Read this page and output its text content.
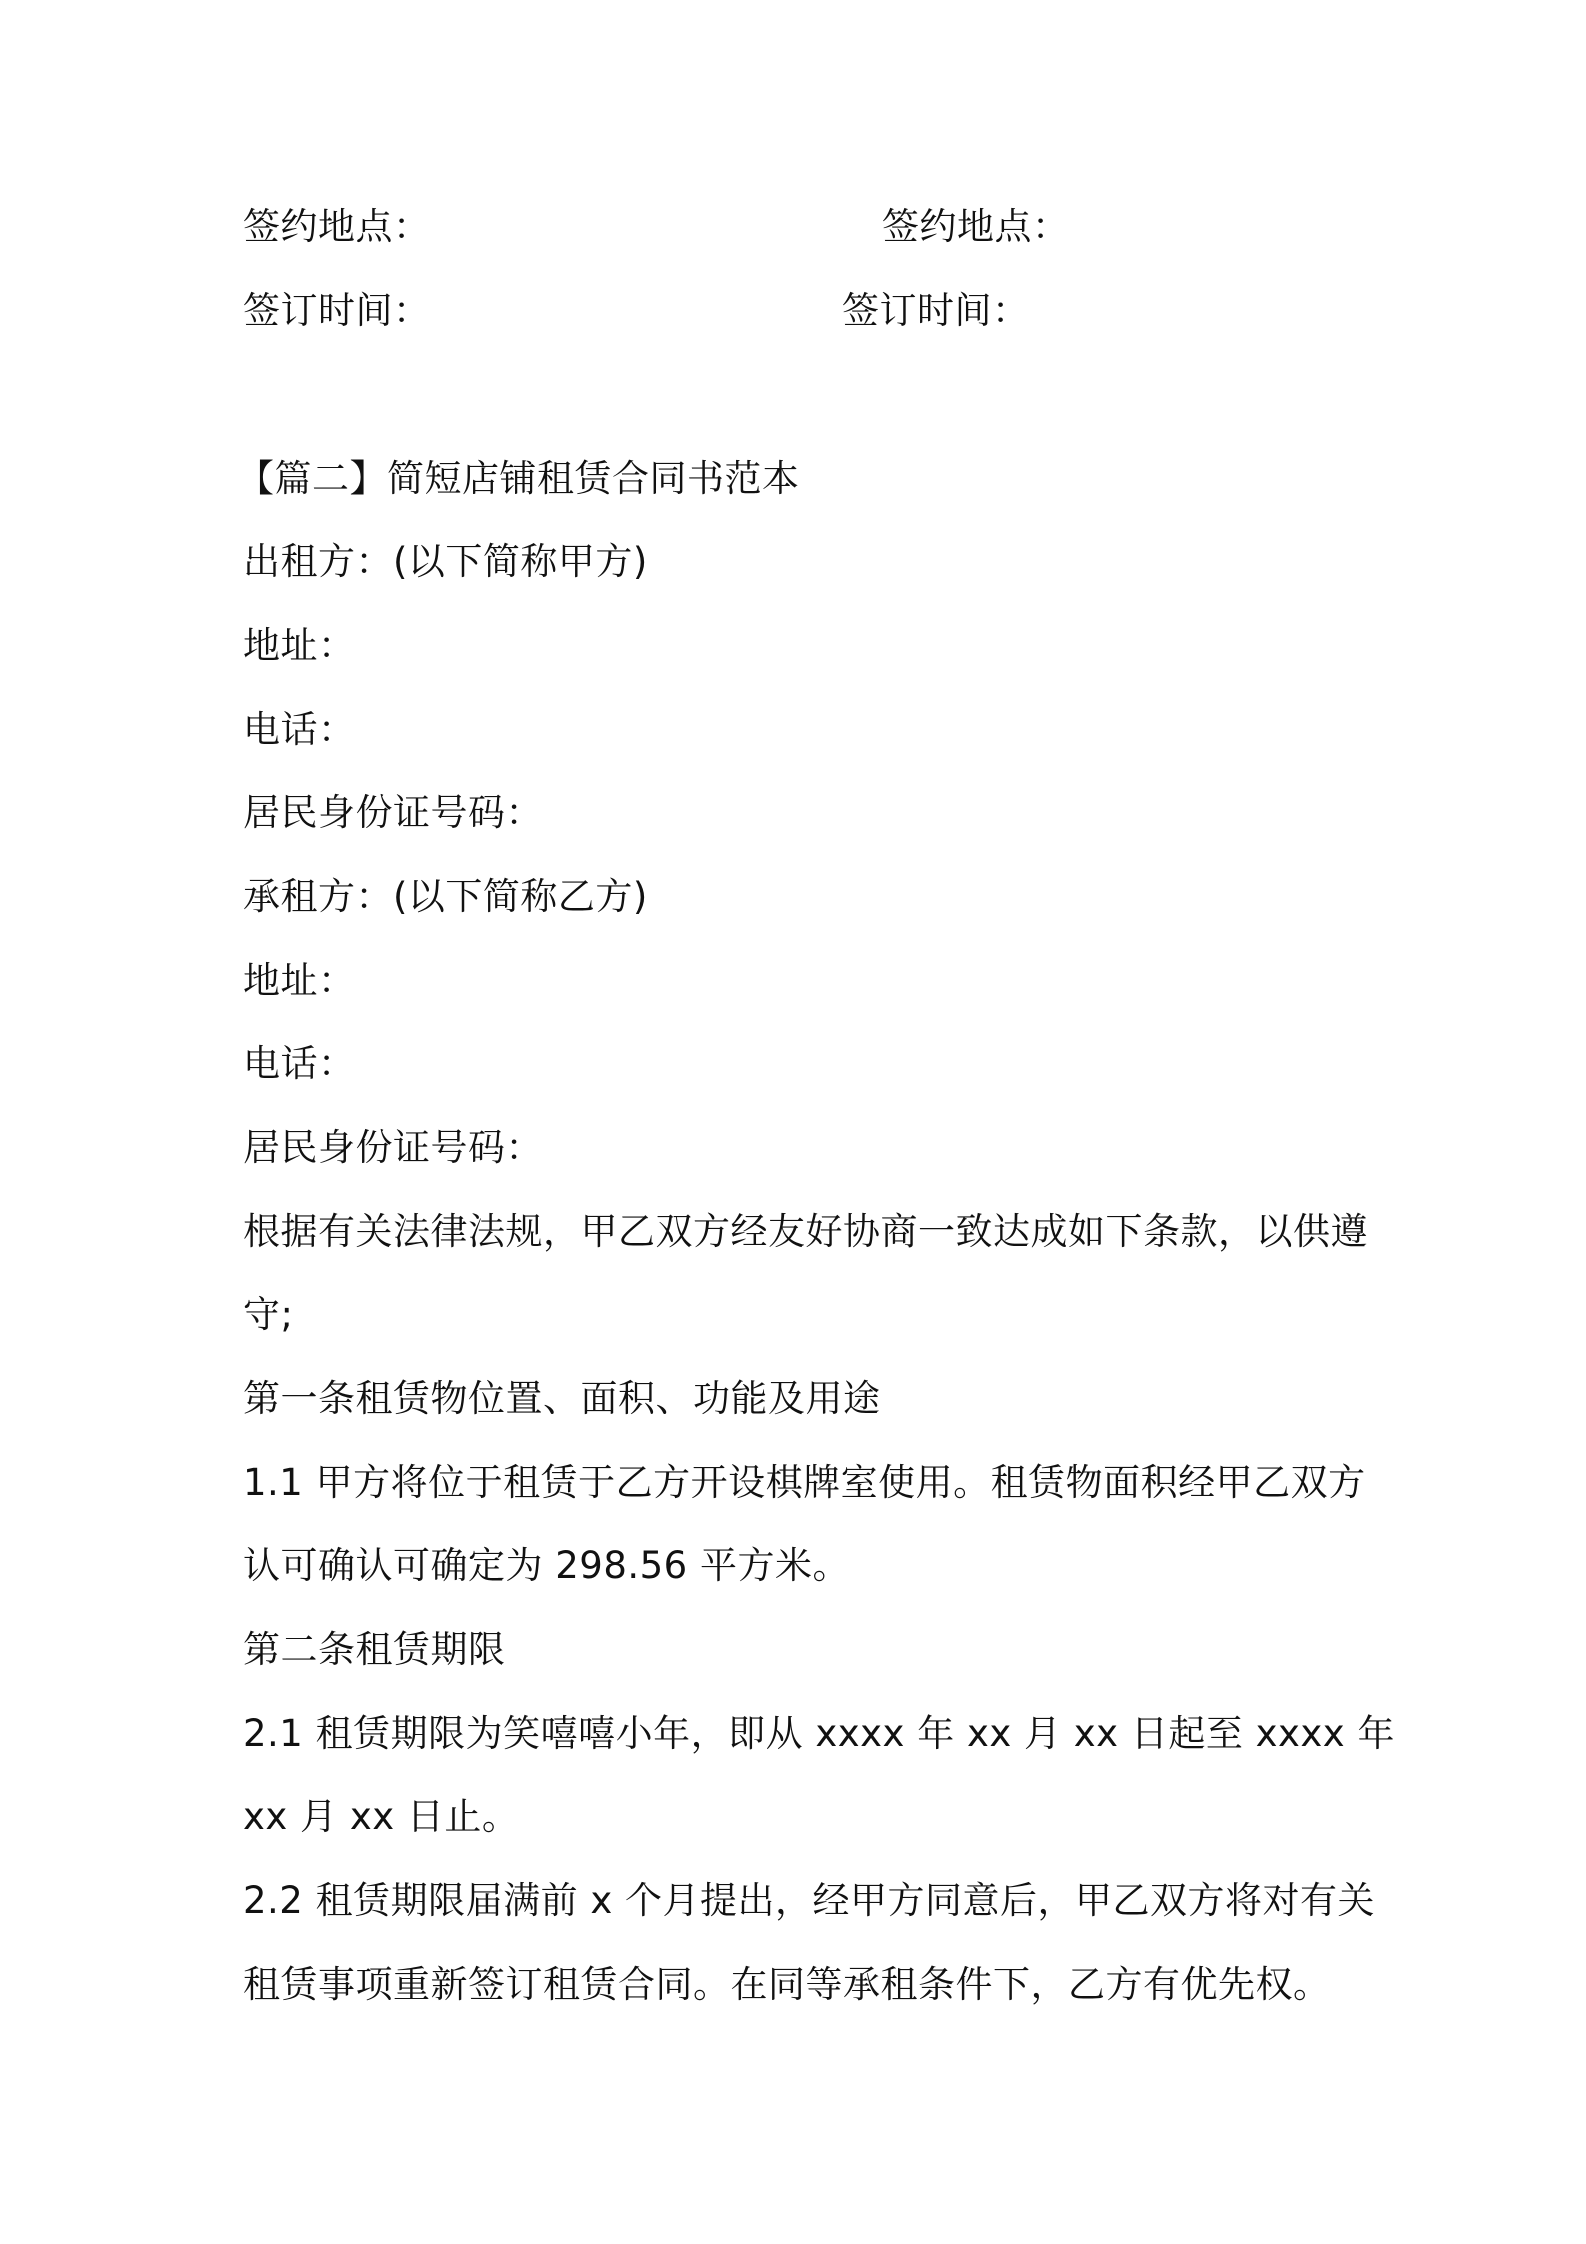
签约地点：	签约地点：
签订时间：	签订时间：
【篇二】简短店铺租赁合同书范本
出租方：(以下简称甲方)
地址：
电话：
居民身份证号码：
承租方：(以下简称乙方)
地址：
电话：
居民身份证号码：
根据有关法律法规，甲乙双方经友好协商一致达成如下条款，以供遵
守;
第一条租赁物位置、面积、功能及用途
1.1 甲方将位于租赁于乙方开设棋牌室使用。租赁物面积经甲乙双方
认可确认可确定为 298.56 平方米。
第二条租赁期限
2.1 租赁期限为笑嘻嘻小年，即从 xxxx 年 xx 月 xx 日起至 xxxx 年
xx 月 xx 日止。
2.2 租赁期限届满前 x 个月提出，经甲方同意后，甲乙双方将对有关
租赁事项重新签订租赁合同。在同等承租条件下，乙方有优先权。
